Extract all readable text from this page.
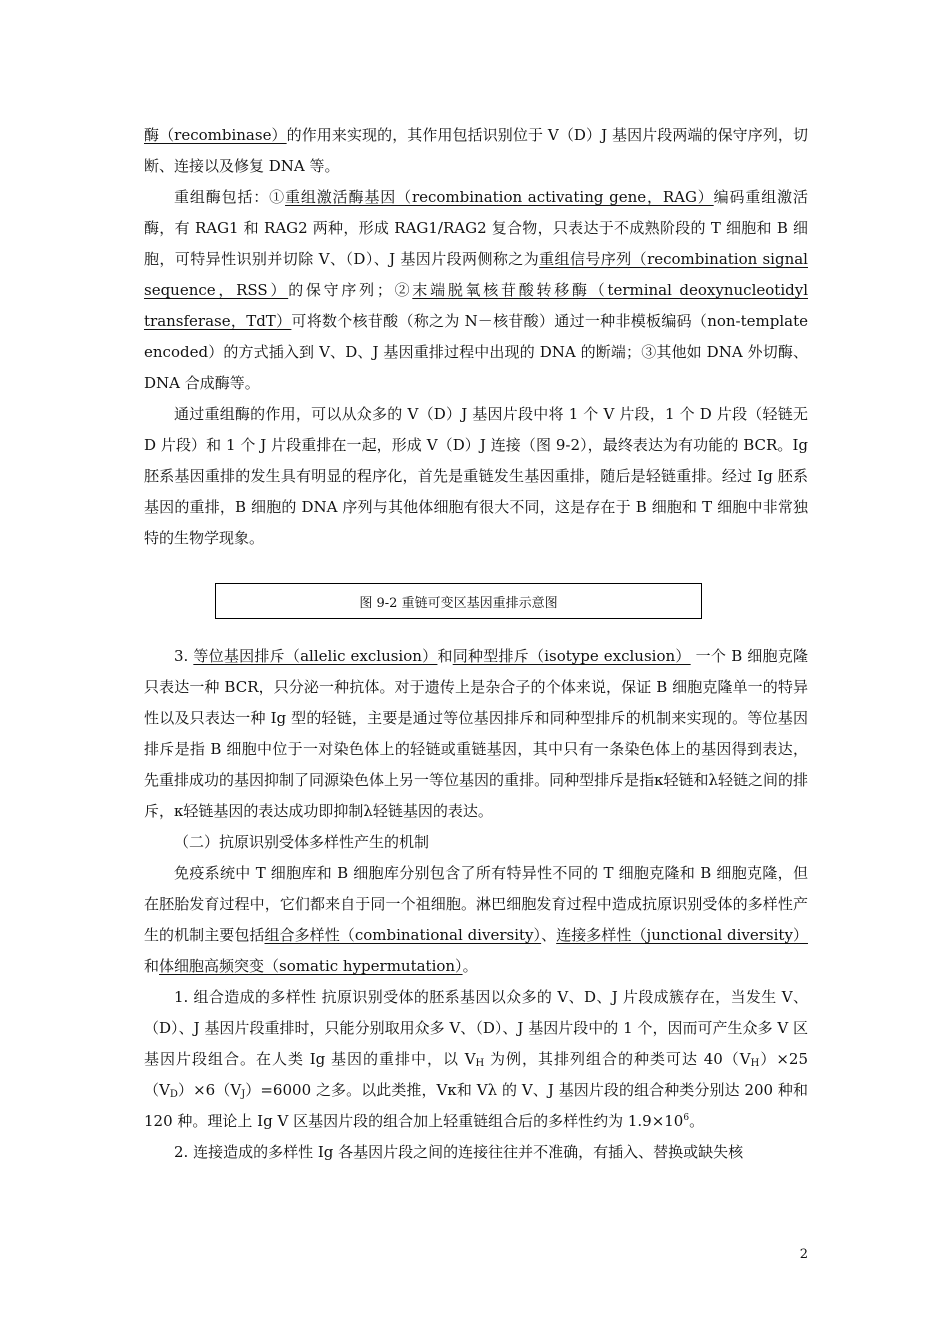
酶（recombinase）的作用来实现的，其作用包括识别位于 V（D）J 基因片段两端的保守序列，切断、连接以及修复 DNA 等。

重组酶包括：①重组激活酶基因（recombination activating gene，RAG）编码重组激活酶，有 RAG1 和 RAG2 两种，形成 RAG1/RAG2 复合物，只表达于不成熟阶段的 T 细胞和 B 细胞，可特异性识别并切除 V、（D）、J 基因片段两侧称之为重组信号序列（recombination signal sequence，RSS）的保守序列；②末端脱氧核苷酸转移酶（terminal deoxynucleotidyl transferase，TdT）可将数个核苷酸（称之为 N－核苷酸）通过一种非模板编码（non-template encoded）的方式插入到 V、D、J 基因重排过程中出现的 DNA 的断端；③其他如 DNA 外切酶、DNA 合成酶等。

通过重组酶的作用，可以从众多的 V（D）J 基因片段中将 1 个 V 片段，1 个 D 片段（轻链无 D 片段）和 1 个 J 片段重排在一起，形成 V（D）J 连接（图 9-2），最终表达为有功能的 BCR。Ig 胚系基因重排的发生具有明显的程序化，首先是重链发生基因重排，随后是轻链重排。经过 Ig 胚系基因的重排，B 细胞的 DNA 序列与其他体细胞有很大不同，这是存在于 B 细胞和 T 细胞中非常独特的生物学现象。

图 9-2 重链可变区基因重排示意图

3. 等位基因排斥（allelic exclusion）和同种型排斥（isotype exclusion） 一个 B 细胞克隆只表达一种 BCR，只分泌一种抗体。对于遗传上是杂合子的个体来说，保证 B 细胞克隆单一的特异性以及只表达一种 Ig 型的轻链，主要是通过等位基因排斥和同种型排斥的机制来实现的。等位基因排斥是指 B 细胞中位于一对染色体上的轻链或重链基因，其中只有一条染色体上的基因得到表达，先重排成功的基因抑制了同源染色体上另一等位基因的重排。同种型排斥是指κ轻链和λ轻链之间的排斥，κ轻链基因的表达成功即抑制λ轻链基因的表达。

（二）抗原识别受体多样性产生的机制

免疫系统中 T 细胞库和 B 细胞库分别包含了所有特异性不同的 T 细胞克隆和 B 细胞克隆，但在胚胎发育过程中，它们都来自于同一个祖细胞。淋巴细胞发育过程中造成抗原识别受体的多样性产生的机制主要包括组合多样性（combinational diversity）、连接多样性（junctional diversity）和体细胞高频突变（somatic hypermutation）。

1. 组合造成的多样性 抗原识别受体的胚系基因以众多的 V、D、J 片段成簇存在，当发生 V、（D）、J 基因片段重排时，只能分别取用众多 V、（D）、J 基因片段中的 1 个，因而可产生众多 V 区基因片段组合。在人类 Ig 基因的重排中，以 $V_H$ 为例，其排列组合的种类可达 $40(V_H)\times 25(V_D)\times 6(V_J)=6000$ 之多。以此类推，Vκ和 Vλ 的 V、J 基因片段的组合种类分别达 200 种和 120 种。理论上 Ig V 区基因片段的组合加上轻重链组合后的多样性约为 $1.9\times 10^6$。

2. 连接造成的多样性 Ig 各基因片段之间的连接往往并不准确，有插入、替换或缺失核

2
